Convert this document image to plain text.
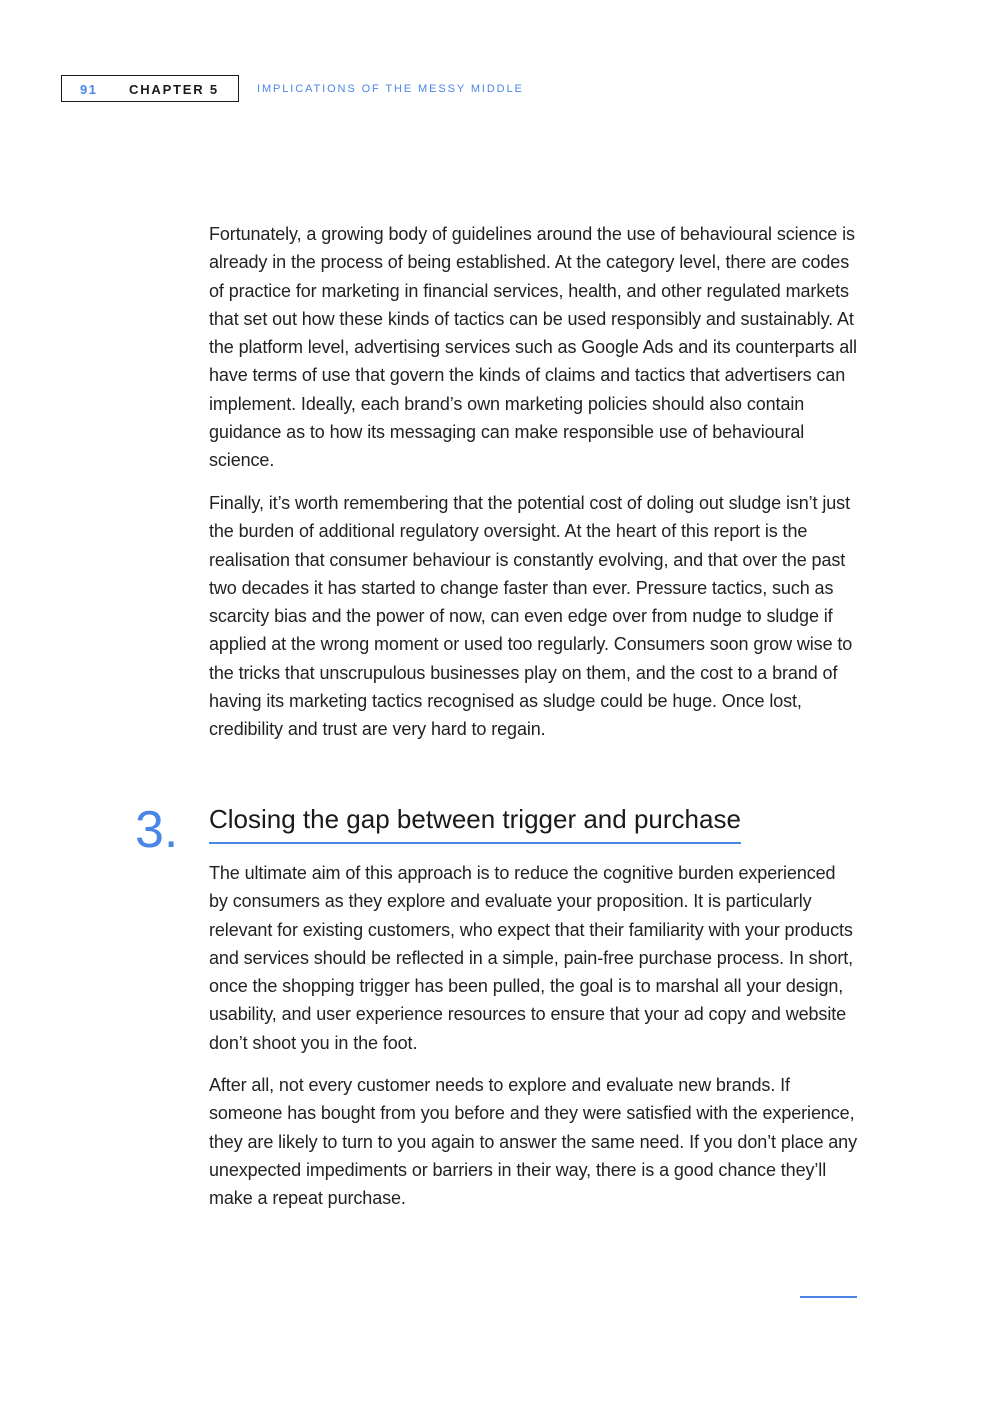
91 CHAPTER 5	IMPLICATIONS OF THE MESSY MIDDLE

Fortunately, a growing body of guidelines around the use of behavioural science is already in the process of being established. At the category level, there are codes of practice for marketing in financial services, health, and other regulated markets that set out how these kinds of tactics can be used responsibly and sustainably. At the platform level, advertising services such as Google Ads and its counterparts all have terms of use that govern the kinds of claims and tactics that advertisers can implement. Ideally, each brand’s own marketing policies should also contain guidance as to how its messaging can make responsible use of behavioural science.

Finally, it’s worth remembering that the potential cost of doling out sludge isn’t just the burden of additional regulatory oversight. At the heart of this report is the realisation that consumer behaviour is constantly evolving, and that over the past two decades it has started to change faster than ever. Pressure tactics, such as scarcity bias and the power of now, can even edge over from nudge to sludge if applied at the wrong moment or used too regularly. Consumers soon grow wise to the tricks that unscrupulous businesses play on them, and the cost to a brand of having its marketing tactics recognised as sludge could be huge. Once lost, credibility and trust are very hard to regain.

3. Closing the gap between trigger and purchase

The ultimate aim of this approach is to reduce the cognitive burden experienced by consumers as they explore and evaluate your proposition. It is particularly relevant for existing customers, who expect that their familiarity with your products and services should be reflected in a simple, pain-free purchase process. In short, once the shopping trigger has been pulled, the goal is to marshal all your design, usability, and user experience resources to ensure that your ad copy and website don’t shoot you in the foot.

After all, not every customer needs to explore and evaluate new brands. If someone has bought from you before and they were satisfied with the experience, they are likely to turn to you again to answer the same need. If you don’t place any unexpected impediments or barriers in their way, there is a good chance they’ll make a repeat purchase.
